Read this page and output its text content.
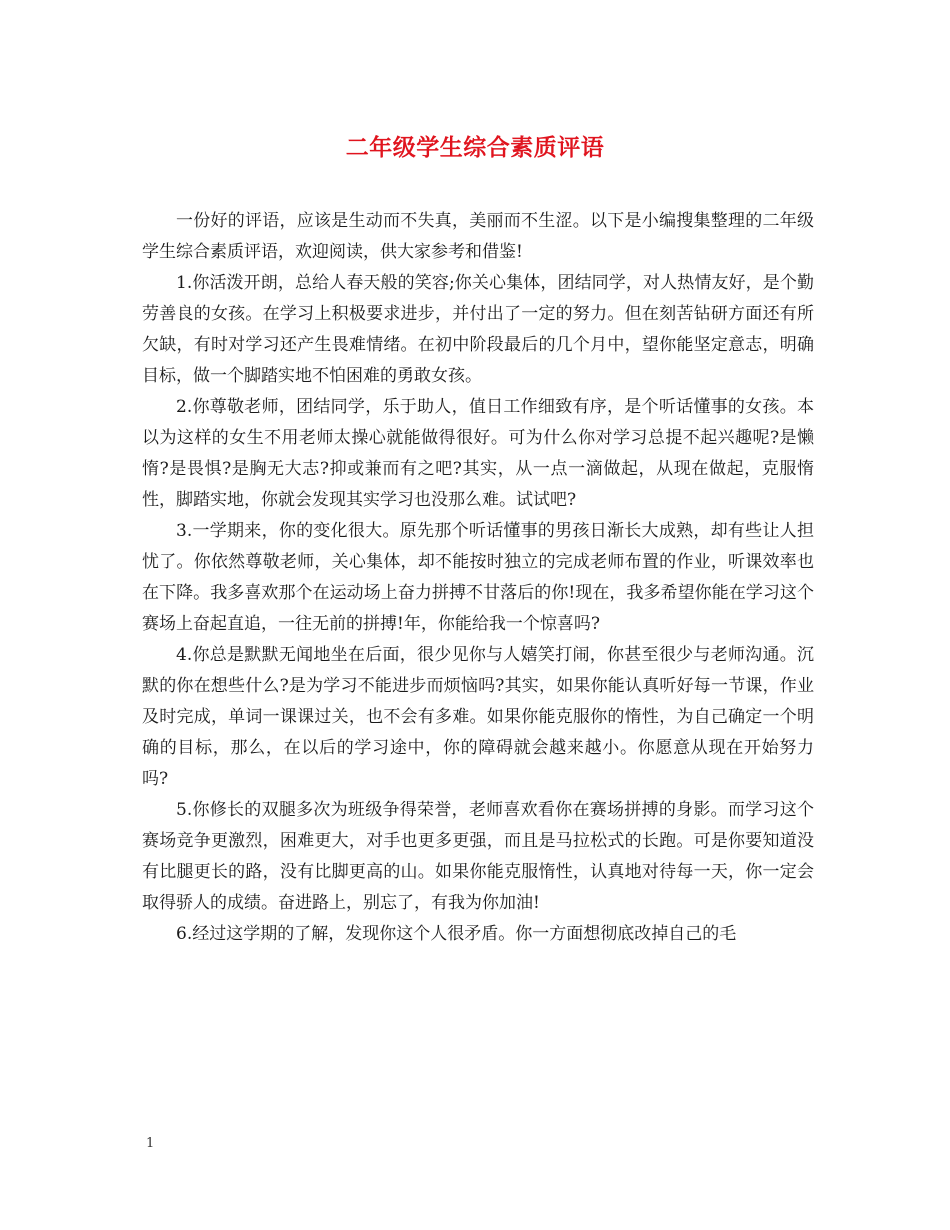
二年级学生综合素质评语

一份好的评语，应该是生动而不失真，美丽而不生涩。以下是小编搜集整理的二年级学生综合素质评语，欢迎阅读，供大家参考和借鉴!

1.你活泼开朗，总给人春天般的笑容;你关心集体，团结同学，对人热情友好，是个勤劳善良的女孩。在学习上积极要求进步，并付出了一定的努力。但在刻苦钻研方面还有所欠缺，有时对学习还产生畏难情绪。在初中阶段最后的几个月中，望你能坚定意志，明确目标，做一个脚踏实地不怕困难的勇敢女孩。

2.你尊敬老师，团结同学，乐于助人，值日工作细致有序，是个听话懂事的女孩。本以为这样的女生不用老师太操心就能做得很好。可为什么你对学习总提不起兴趣呢?是懒惰?是畏惧?是胸无大志?抑或兼而有之吧?其实，从一点一滴做起，从现在做起，克服惰性，脚踏实地，你就会发现其实学习也没那么难。试试吧?

3.一学期来，你的变化很大。原先那个听话懂事的男孩日渐长大成熟，却有些让人担忧了。你依然尊敬老师，关心集体，却不能按时独立的完成老师布置的作业，听课效率也在下降。我多喜欢那个在运动场上奋力拼搏不甘落后的你!现在，我多希望你能在学习这个赛场上奋起直追，一往无前的拼搏!年，你能给我一个惊喜吗?

4.你总是默默无闻地坐在后面，很少见你与人嬉笑打闹，你甚至很少与老师沟通。沉默的你在想些什么?是为学习不能进步而烦恼吗?其实，如果你能认真听好每一节课，作业及时完成，单词一课课过关，也不会有多难。如果你能克服你的惰性，为自己确定一个明确的目标，那么，在以后的学习途中，你的障碍就会越来越小。你愿意从现在开始努力吗?

5.你修长的双腿多次为班级争得荣誉，老师喜欢看你在赛场拼搏的身影。而学习这个赛场竞争更激烈，困难更大，对手也更多更强，而且是马拉松式的长跑。可是你要知道没有比腿更长的路，没有比脚更高的山。如果你能克服惰性，认真地对待每一天，你一定会取得骄人的成绩。奋进路上，别忘了，有我为你加油!

6.经过这学期的了解，发现你这个人很矛盾。你一方面想彻底改掉自己的毛

1
